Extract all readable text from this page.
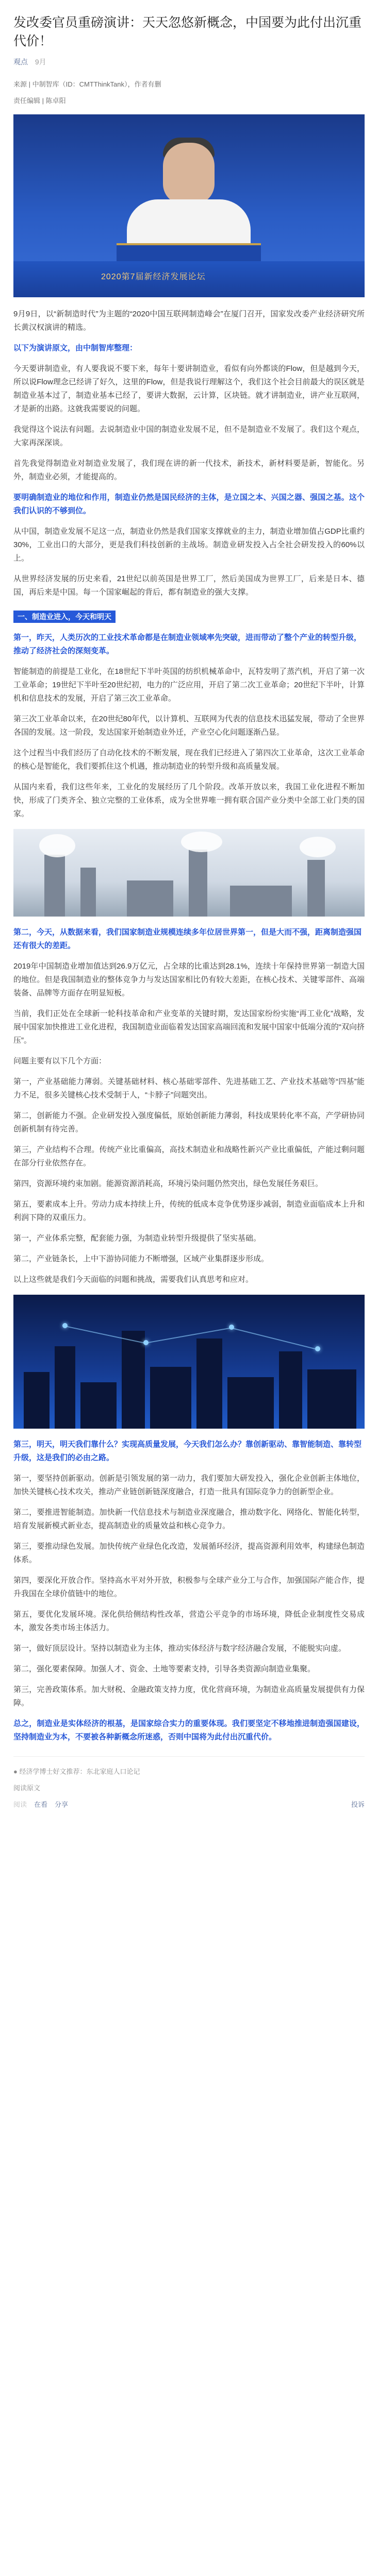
发改委官员重磅演讲：天天忽悠新概念，中国要为此付出沉重代价！
观点 9月
来源 | 中制智库（ID：CMTThinkTank），作者有删
责任编辑 | 陈卓阳
2020第7届新经济发展论坛

9月9日，以“新制造时代”为主题的“2020中国互联网制造峰会”在厦门召开，国家发改委产业经济研究所长黄汉权演讲的精选。

以下为演讲原文，由中制智库整理：

今天要讲制造业，有人要我说不要下来，每年十要讲制造业，看似有向外都谈的Flow，但是越到今天，所以说Flow理念已经讲了好久，这里的Flow，但是我说行理解这个，我们这个社会目前最大的误区就是制造业基本过了，制造业基本已经了，要讲大数据，云计算，区块链。就才讲制造业，讲产业互联网，才是新的出路。这就我需要说的问题。

我觉得这个说法有问题。去说制造业中国的制造业发展不足，但不是制造业不发展了。我们这个观点，大家再深深谈。

首先我觉得制造业对制造业发展了，我们现在讲的新一代技术，新技术，新材料要是新，智能化。另外，制造业必须，才能提高的。

要明确制造业的地位和作用，制造业仍然是国民经济的主体，是立国之本、兴国之器、强国之基。这个我们认识的不够到位。

从中国，制造业发展不足这一点，制造业仍然是我们国家支撑就业的主力，制造业增加值占GDP比重约30%，工业出口的大部分，更是我们科技创新的主战场。制造业研发投入占全社会研发投入的60%以上。

从世界经济发展的历史来看，21世纪以前英国是世界工厂，然后美国成为世界工厂，后来是日本、德国，再后来是中国。每一个国家崛起的背后，都有制造业的强大支撑。

一、制造业进入，今天和明天

第一，昨天，人类历次的工业技术革命都是在制造业领域率先突破，进而带动了整个产业的转型升级，推动了经济社会的深刻变革。

智能制造的前提是工业化，在18世纪下半叶英国的纺织机械革命中，瓦特发明了蒸汽机，开启了第一次工业革命；19世纪下半叶至20世纪初，电力的广泛应用，开启了第二次工业革命；20世纪下半叶，计算机和信息技术的发展，开启了第三次工业革命。

第三次工业革命以来，在20世纪80年代，以计算机、互联网为代表的信息技术迅猛发展，带动了全世界各国的发展。这一阶段，发达国家开始制造业外迁，产业空心化问题逐渐凸显。

这个过程当中我们经历了自动化技术的不断发展，现在我们已经进入了第四次工业革命，这次工业革命的核心是智能化，我们要抓住这个机遇，推动制造业的转型升级和高质量发展。

从国内来看，我们这些年来，工业化的发展经历了几个阶段。改革开放以来，我国工业化进程不断加快，形成了门类齐全、独立完整的工业体系，成为全世界唯一拥有联合国产业分类中全部工业门类的国家。

第二，今天，从数据来看，我们国家制造业规模连续多年位居世界第一，但是大而不强，距离制造强国还有很大的差距。

2019年中国制造业增加值达到26.9万亿元，占全球的比重达到28.1%，连续十年保持世界第一制造大国的地位。但是我国制造业的整体竞争力与发达国家相比仍有较大差距，在核心技术、关键零部件、高端装备、品牌等方面存在明显短板。

当前，我们正处在全球新一轮科技革命和产业变革的关键时期，发达国家纷纷实施“再工业化”战略，发展中国家加快推进工业化进程，我国制造业面临着发达国家高端回流和发展中国家中低端分流的“双向挤压”。

问题主要有以下几个方面：

第一，产业基础能力薄弱。关键基础材料、核心基础零部件、先进基础工艺、产业技术基础等“四基”能力不足，很多关键核心技术受制于人，“卡脖子”问题突出。

第二，创新能力不强。企业研发投入强度偏低，原始创新能力薄弱，科技成果转化率不高，产学研协同创新机制有待完善。

第三，产业结构不合理。传统产业比重偏高，高技术制造业和战略性新兴产业比重偏低，产能过剩问题在部分行业依然存在。

第四，资源环境约束加剧。能源资源消耗高，环境污染问题仍然突出，绿色发展任务艰巨。

第五，要素成本上升。劳动力成本持续上升，传统的低成本竞争优势逐步减弱，制造业面临成本上升和利润下降的双重压力。

第一，产业体系完整，配套能力强，为制造业转型升级提供了坚实基础。

第二，产业链条长，上中下游协同能力不断增强，区域产业集群逐步形成。

以上这些就是我们今天面临的问题和挑战，需要我们认真思考和应对。

第三，明天，明天我们靠什么？实现高质量发展，今天我们怎么办？靠创新驱动、靠智能制造、靠转型升级，这是我们的必由之路。

第一，要坚持创新驱动。创新是引领发展的第一动力，我们要加大研发投入，强化企业创新主体地位，加快关键核心技术攻关，推动产业链创新链深度融合，打造一批具有国际竞争力的创新型企业。

第二，要推进智能制造。加快新一代信息技术与制造业深度融合，推动数字化、网络化、智能化转型，培育发展新模式新业态，提高制造业的质量效益和核心竞争力。

第三，要推动绿色发展。加快传统产业绿色化改造，发展循环经济，提高资源利用效率，构建绿色制造体系。

第四，要深化开放合作。坚持高水平对外开放，积极参与全球产业分工与合作，加强国际产能合作，提升我国在全球价值链中的地位。

第五，要优化发展环境。深化供给侧结构性改革，营造公平竞争的市场环境，降低企业制度性交易成本，激发各类市场主体活力。

第一，做好顶层设计。坚持以制造业为主体，推动实体经济与数字经济融合发展，不能脱实向虚。

第二，强化要素保障。加强人才、资金、土地等要素支持，引导各类资源向制造业集聚。

第三，完善政策体系。加大财税、金融政策支持力度，优化营商环境，为制造业高质量发展提供有力保障。

总之，制造业是实体经济的根基，是国家综合实力的重要体现。我们要坚定不移地推进制造强国建设，坚持制造业为本，不要被各种新概念所迷惑，否则中国将为此付出沉重代价。

● 经济学博士好文推荐：东北家庭人口论记
阅读原文
阅读 在看 分享	投诉
